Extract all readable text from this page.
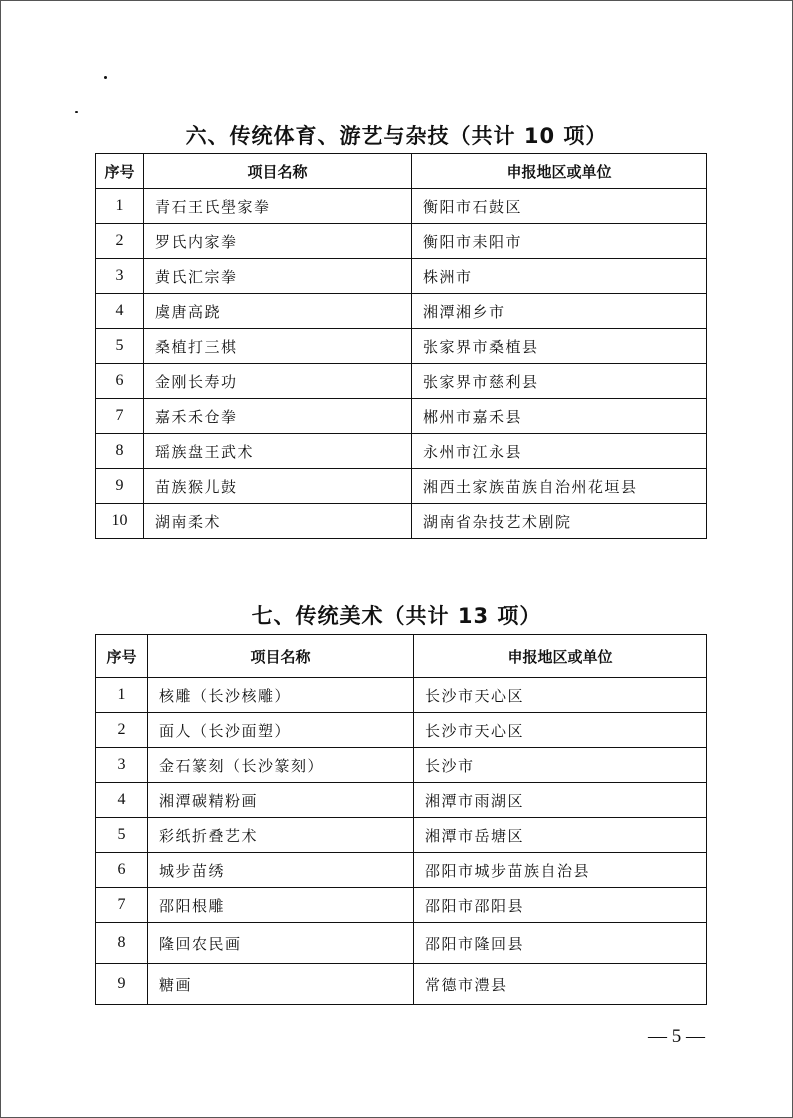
六、传统体育、游艺与杂技（共计 10 项）
序号	项目名称	申报地区或单位
1	青石王氏壆家拳	衡阳市石鼓区
2	罗氏内家拳	衡阳市耒阳市
3	黄氏汇宗拳	株洲市
4	虞唐高跷	湘潭湘乡市
5	桑植打三棋	张家界市桑植县
6	金刚长寿功	张家界市慈利县
7	嘉禾禾仓拳	郴州市嘉禾县
8	瑶族盘王武术	永州市江永县
9	苗族猴儿鼓	湘西土家族苗族自治州花垣县
10	湖南柔术	湖南省杂技艺术剧院
七、传统美术（共计 13 项）
序号	项目名称	申报地区或单位
1	核雕（长沙核雕）	长沙市天心区
2	面人（长沙面塑）	长沙市天心区
3	金石篆刻（长沙篆刻）	长沙市
4	湘潭碳精粉画	湘潭市雨湖区
5	彩纸折叠艺术	湘潭市岳塘区
6	城步苗绣	邵阳市城步苗族自治县
7	邵阳根雕	邵阳市邵阳县
8	隆回农民画	邵阳市隆回县
9	糖画	常德市澧县
— 5 —
